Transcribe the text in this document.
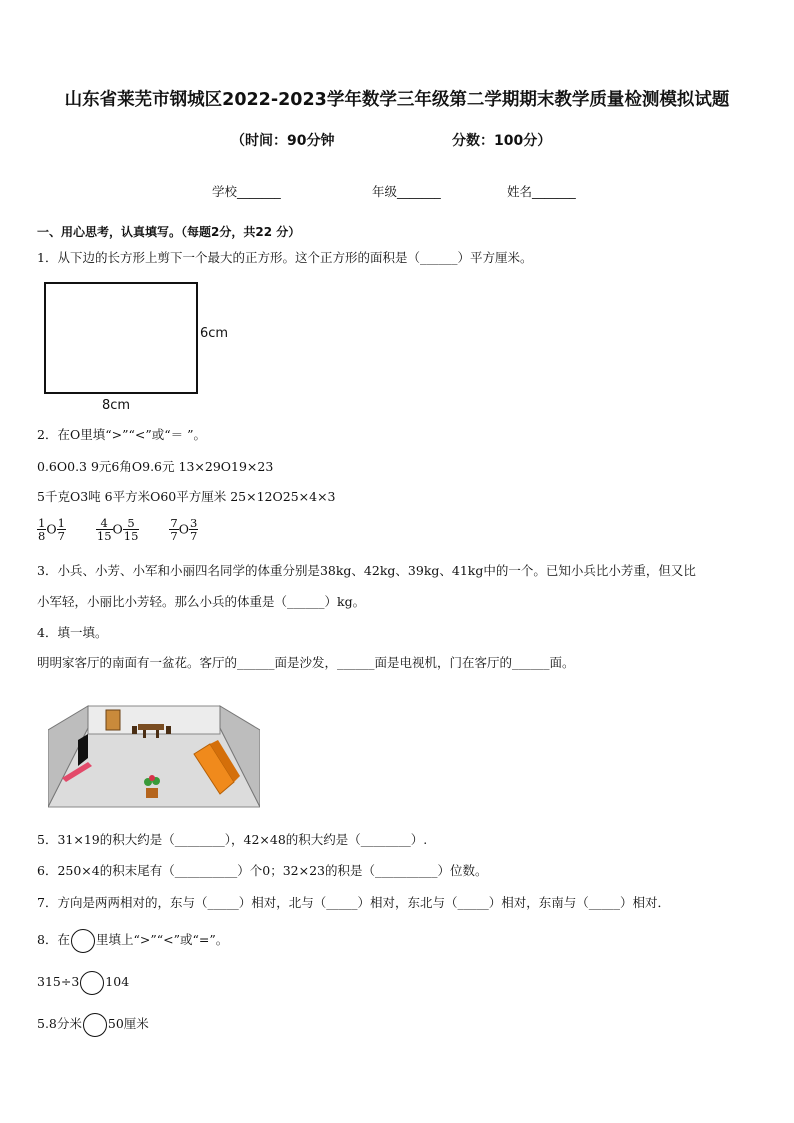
山东省莱芜市钢城区2022-2023学年数学三年级第二学期期末教学质量检测模拟试题
（时间：90分钟	分数：100分）
学校_______	年级_______	姓名_______
一、用心思考，认真填写。（每题2分，共22 分）
1．从下边的长方形上剪下一个最大的正方形。这个正方形的面积是（______）平方厘米。
6cm
8cm
2．在O里填“>”“<”或“＝ ”。
0.6O0.3 9元6角O9.6元 13×29O19×23
5千克O3吨 6平方米O60平方厘米 25×12O25×4×3
$\frac{1}{8}$ O $\frac{1}{7}$
	$\frac{4}{15}$ O $\frac{5}{15}$
	$\frac{7}{7}$ O $\frac{3}{7}$
3．小兵、小芳、小军和小丽四名同学的体重分别是38kg、42kg、39kg、41kg中的一个。已知小兵比小芳重，但又比
小军轻，小丽比小芳轻。那么小兵的体重是（______）kg。
4．填一填。
明明家客厅的南面有一盆花。客厅的______面是沙发，______面是电视机，门在客厅的______面。
5．31×19的积大约是（________），42×48的积大约是（________）.
6．250×4的积末尾有（__________）个0；32×23的积是（__________）位数。
7．方向是两两相对的，东与（_____）相对，北与（_____）相对，东北与（_____）相对，东南与（_____）相对．
8．在 里填上“>”“<”或“=”。
315÷3 104
5.8分米 50厘米
